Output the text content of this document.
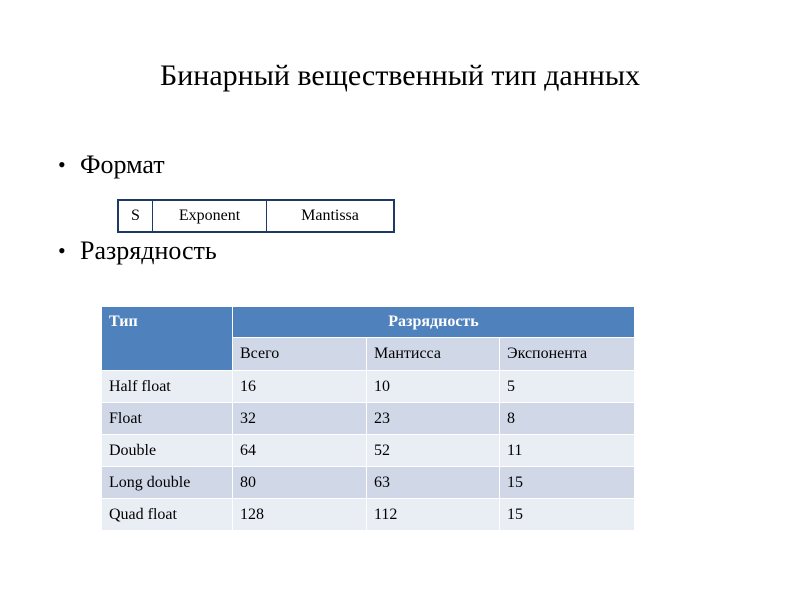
Бинарный вещественный тип данных
• Формат
S	Exponent	Mantissa
• Разрядность
Тип	Разрядность		
	Всего	Мантисса	Экспонента
Half float	16	10	5
Float	32	23	8
Double	64	52	11
Long double	80	63	15
Quad float	128	112	15
